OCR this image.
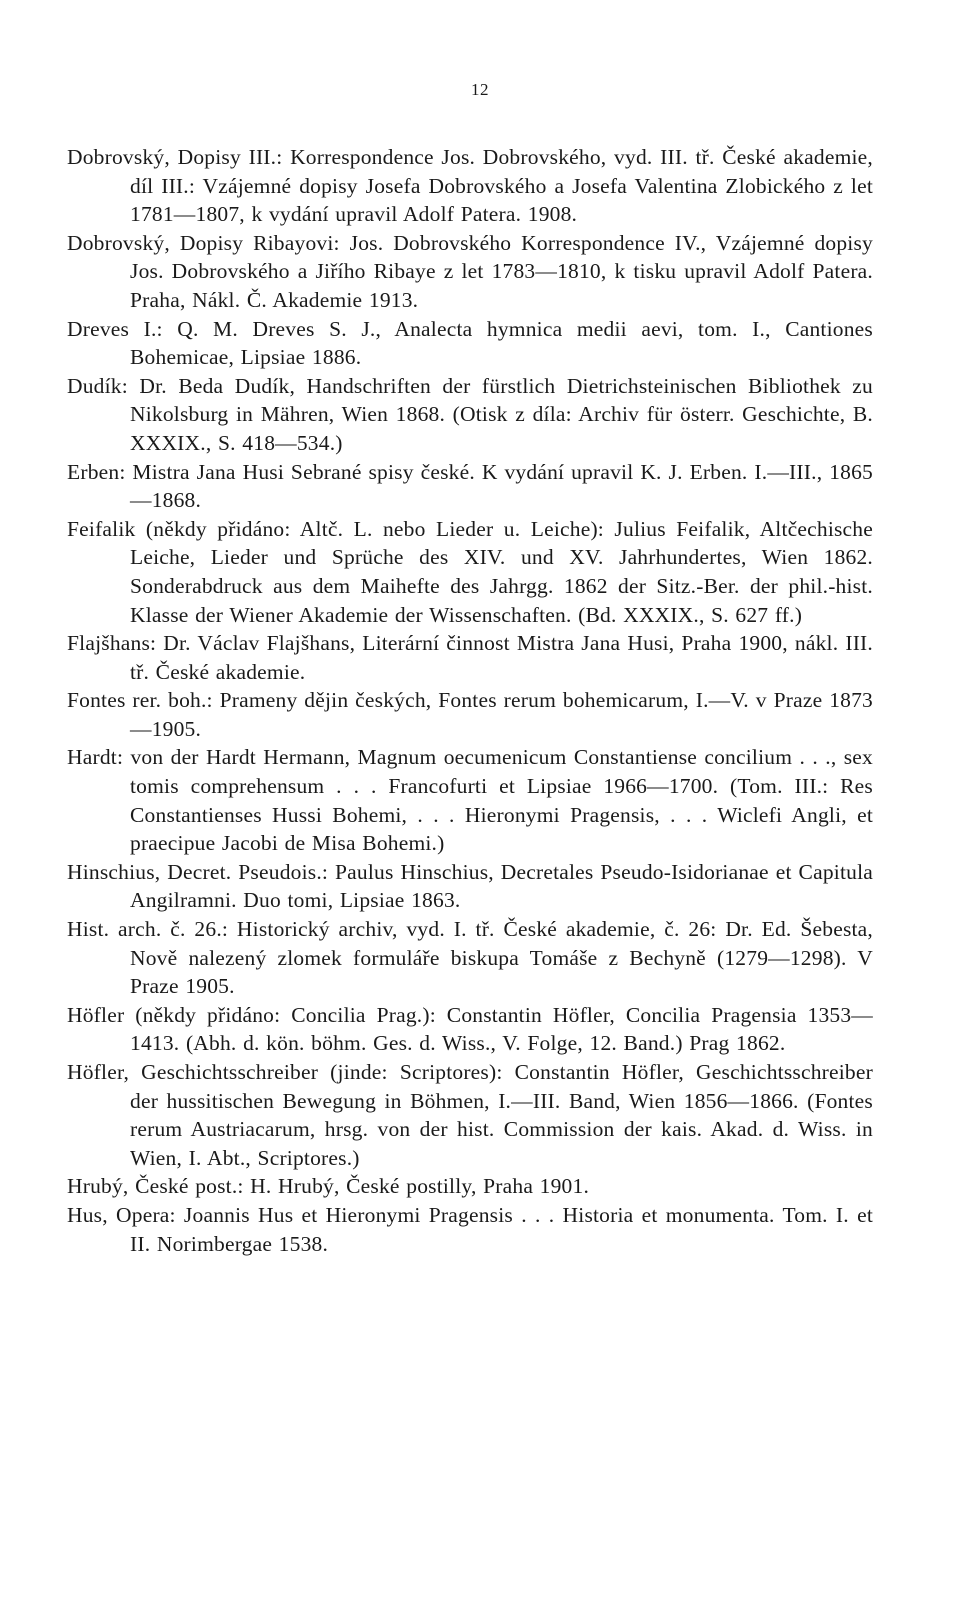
12
Dobrovský, Dopisy III.: Korrespondence Jos. Dobrovského, vyd. III. tř. České akademie, díl III.: Vzájemné dopisy Josefa Dobrovského a Josefa Valentina Zlobického z let 1781—1807, k vydání upravil Adolf Patera. 1908.
Dobrovský, Dopisy Ribayovi: Jos. Dobrovského Korrespondence IV., Vzájemné dopisy Jos. Dobrovského a Jiřího Ribaye z let 1783—1810, k tisku upravil Adolf Patera. Praha, Nákl. Č. Akademie 1913.
Dreves I.: Q. M. Dreves S. J., Analecta hymnica medii aevi, tom. I., Cantiones Bohemicae, Lipsiae 1886.
Dudík: Dr. Beda Dudík, Handschriften der fürstlich Dietrichsteinischen Bibliothek zu Nikolsburg in Mähren, Wien 1868. (Otisk z díla: Archiv für österr. Geschichte, B. XXXIX., S. 418—534.)
Erben: Mistra Jana Husi Sebrané spisy české. K vydání upravil K. J. Erben. I.—III., 1865—1868.
Feifalik (někdy přidáno: Altč. L. nebo Lieder u. Leiche): Julius Feifalik, Altčechische Leiche, Lieder und Sprüche des XIV. und XV. Jahrhundertes, Wien 1862. Sonderabdruck aus dem Maihefte des Jahrgg. 1862 der Sitz.-Ber. der phil.-hist. Klasse der Wiener Akademie der Wissenschaften. (Bd. XXXIX., S. 627 ff.)
Flajšhans: Dr. Václav Flajšhans, Literární činnost Mistra Jana Husi, Praha 1900, nákl. III. tř. České akademie.
Fontes rer. boh.: Prameny dějin českých, Fontes rerum bohemicarum, I.—V. v Praze 1873—1905.
Hardt: von der Hardt Hermann, Magnum oecumenicum Constantiense concilium . . ., sex tomis comprehensum . . . Francofurti et Lipsiae 1966—1700. (Tom. III.: Res Constantienses Hussi Bohemi, . . . Hieronymi Pragensis, . . . Wiclefi Angli, et praecipue Jacobi de Misa Bohemi.)
Hinschius, Decret. Pseudois.: Paulus Hinschius, Decretales Pseudo-Isidorianae et Capitula Angilramni. Duo tomi, Lipsiae 1863.
Hist. arch. č. 26.: Historický archiv, vyd. I. tř. České akademie, č. 26: Dr. Ed. Šebesta, Nově nalezený zlomek formuláře biskupa Tomáše z Bechyně (1279—1298). V Praze 1905.
Höfler (někdy přidáno: Concilia Prag.): Constantin Höfler, Concilia Pragensia 1353—1413. (Abh. d. kön. böhm. Ges. d. Wiss., V. Folge, 12. Band.) Prag 1862.
Höfler, Geschichtsschreiber (jinde: Scriptores): Constantin Höfler, Geschichtsschreiber der hussitischen Bewegung in Böhmen, I.—III. Band, Wien 1856—1866. (Fontes rerum Austriacarum, hrsg. von der hist. Commission der kais. Akad. d. Wiss. in Wien, I. Abt., Scriptores.)
Hrubý, České post.: H. Hrubý, České postilly, Praha 1901.
Hus, Opera: Joannis Hus et Hieronymi Pragensis . . . Historia et monumenta. Tom. I. et II. Norimbergae 1538.
